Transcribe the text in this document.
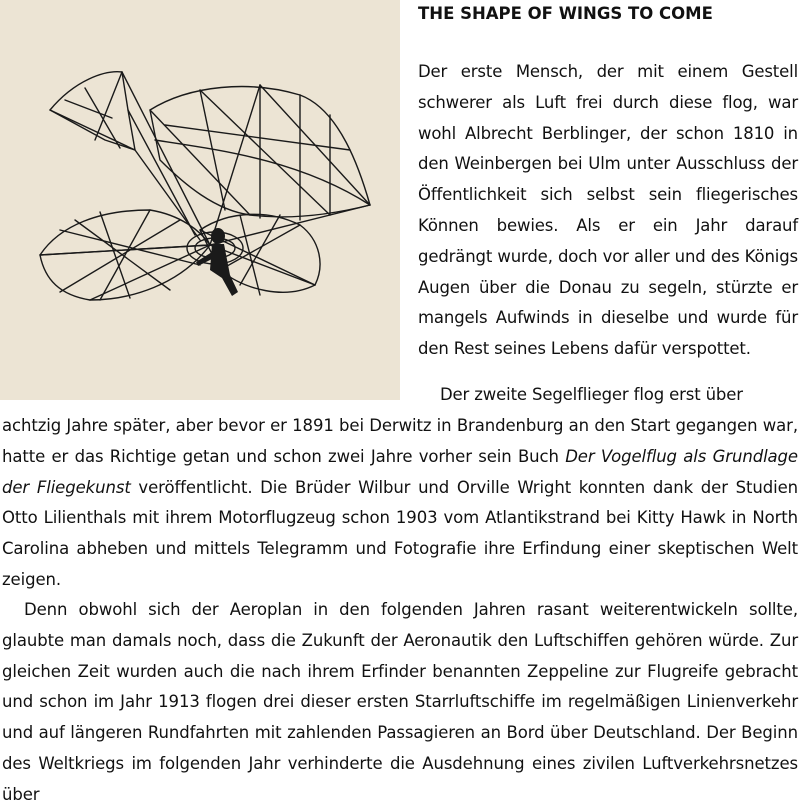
THE SHAPE OF WINGS TO COME

Der erste Mensch, der mit einem Gestell schwerer als Luft frei durch diese flog, war wohl Albrecht Berblinger, der schon 1810 in den Weinbergen bei Ulm unter Ausschluss der Öffentlichkeit sich selbst sein fliegerisches Können bewies. Als er ein Jahr darauf gedrängt wurde, doch vor aller und des Königs Augen über die Donau zu segeln, stürzte er mangels Aufwinds in dieselbe und wurde für den Rest seines Lebens dafür verspottet.

Der zweite Segelflieger flog erst über

achtzig Jahre später, aber bevor er 1891 bei Derwitz in Brandenburg an den Start gegangen war, hatte er das Richtige getan und schon zwei Jahre vorher sein Buch Der Vogelflug als Grundlage der Fliegekunst veröffentlicht. Die Brüder Wilbur und Orville Wright konnten dank der Studien Otto Lilienthals mit ihrem Motorflugzeug schon 1903 vom Atlantikstrand bei Kitty Hawk in North Carolina abheben und mittels Telegramm und Fotografie ihre Erfindung einer skeptischen Welt zeigen.

Denn obwohl sich der Aeroplan in den folgenden Jahren rasant weiterentwickeln sollte, glaubte man damals noch, dass die Zukunft der Aeronautik den Luftschiffen gehören würde. Zur gleichen Zeit wurden auch die nach ihrem Erfinder benannten Zeppeline zur Flugreife gebracht und schon im Jahr 1913 flogen drei dieser ersten Starrluftschiffe im regelmäßigen Linienverkehr und auf längeren Rundfahrten mit zahlenden Passagieren an Bord über Deutschland. Der Beginn des Weltkriegs im folgenden Jahr verhinderte die Ausdehnung eines zivilen Luftverkehrsnetzes über
